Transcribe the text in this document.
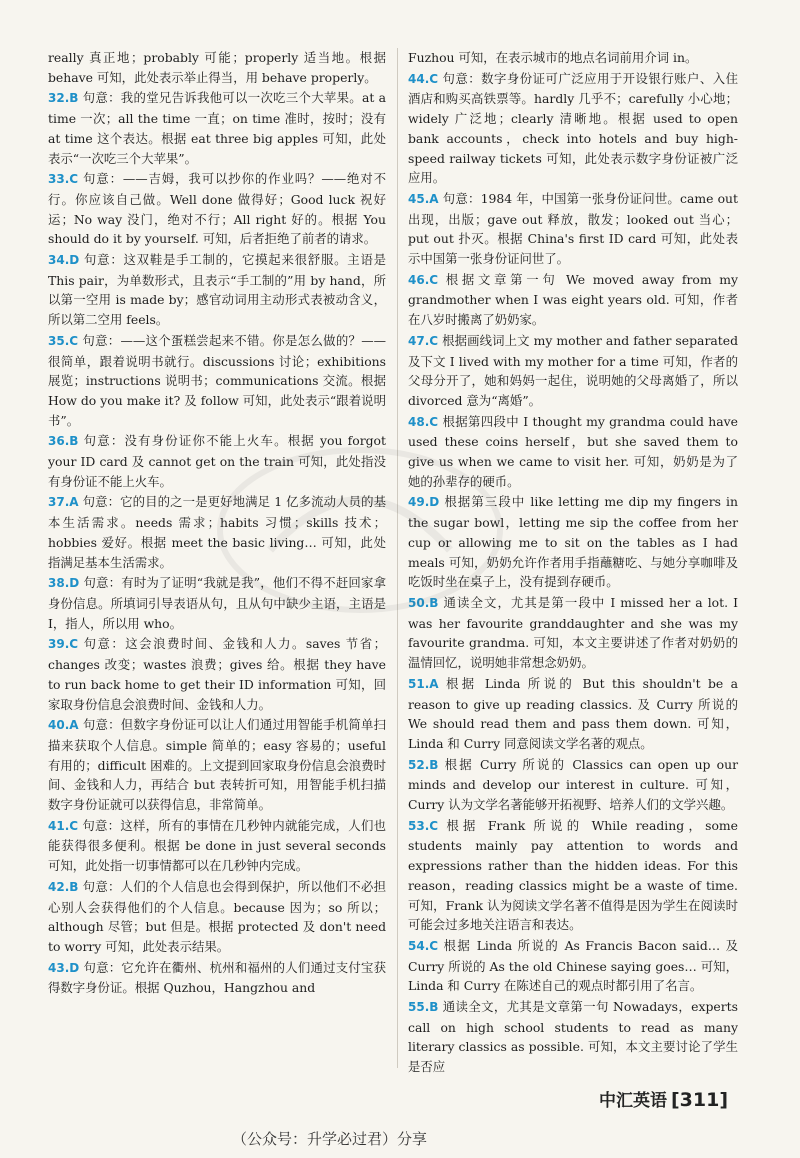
really 真正地；probably 可能；properly 适当地。根据 behave 可知，此处表示举止得当，用 behave properly。
32.B 句意：我的堂兄告诉我他可以一次吃三个大苹果。at a time 一次；all the time 一直；on time 准时，按时；没有 at time 这个表达。根据 eat three big apples 可知，此处表示“一次吃三个大苹果”。
33.C 句意：——吉姆，我可以抄你的作业吗？——绝对不行。你应该自己做。Well done 做得好；Good luck 祝好运；No way 没门，绝对不行；All right 好的。根据 You should do it by yourself. 可知，后者拒绝了前者的请求。
34.D 句意：这双鞋是手工制的，它摸起来很舒服。主语是 This pair，为单数形式，且表示“手工制的”用 by hand，所以第一空用 is made by；感官动词用主动形式表被动含义，所以第二空用 feels。
35.C 句意：——这个蛋糕尝起来不错。你是怎么做的？——很简单，跟着说明书就行。discussions 讨论；exhibitions 展览；instructions 说明书；communications 交流。根据 How do you make it? 及 follow 可知，此处表示“跟着说明书”。
36.B 句意：没有身份证你不能上火车。根据 you forgot your ID card 及 cannot get on the train 可知，此处指没有身份证不能上火车。
37.A 句意：它的目的之一是更好地满足 1 亿多流动人员的基本生活需求。needs 需求；habits 习惯；skills 技术；hobbies 爱好。根据 meet the basic living… 可知，此处指满足基本生活需求。
38.D 句意：有时为了证明“我就是我”，他们不得不赶回家拿身份信息。所填词引导表语从句，且从句中缺少主语，主语是 I，指人，所以用 who。
39.C 句意：这会浪费时间、金钱和人力。saves 节省；changes 改变；wastes 浪费；gives 给。根据 they have to run back home to get their ID information 可知，回家取身份信息会浪费时间、金钱和人力。
40.A 句意：但数字身份证可以让人们通过用智能手机简单扫描来获取个人信息。simple 简单的；easy 容易的；useful 有用的；difficult 困难的。上文提到回家取身份信息会浪费时间、金钱和人力，再结合 but 表转折可知，用智能手机扫描数字身份证就可以获得信息，非常简单。
41.C 句意：这样，所有的事情在几秒钟内就能完成，人们也能获得很多便利。根据 be done in just several seconds 可知，此处指一切事情都可以在几秒钟内完成。
42.B 句意：人们的个人信息也会得到保护，所以他们不必担心别人会获得他们的个人信息。because 因为；so 所以；although 尽管；but 但是。根据 protected 及 don't need to worry 可知，此处表示结果。
43.D 句意：它允许在衢州、杭州和福州的人们通过支付宝获得数字身份证。根据 Quzhou，Hangzhou and
Fuzhou 可知，在表示城市的地点名词前用介词 in。
44.C 句意：数字身份证可广泛应用于开设银行账户、入住酒店和购买高铁票等。hardly 几乎不；carefully 小心地；widely 广泛地；clearly 清晰地。根据 used to open bank accounts，check into hotels and buy high-speed railway tickets 可知，此处表示数字身份证被广泛应用。
45.A 句意：1984 年，中国第一张身份证问世。came out 出现，出版；gave out 释放，散发；looked out 当心；put out 扑灭。根据 China's first ID card 可知，此处表示中国第一张身份证问世了。
46.C 根据文章第一句 We moved away from my grandmother when I was eight years old. 可知，作者在八岁时搬离了奶奶家。
47.C 根据画线词上文 my mother and father separated 及下文 I lived with my mother for a time 可知，作者的父母分开了，她和妈妈一起住，说明她的父母离婚了，所以 divorced 意为“离婚”。
48.C 根据第四段中 I thought my grandma could have used these coins herself，but she saved them to give us when we came to visit her. 可知，奶奶是为了她的孙辈存的硬币。
49.D 根据第三段中 like letting me dip my fingers in the sugar bowl，letting me sip the coffee from her cup or allowing me to sit on the tables as I had meals 可知，奶奶允许作者用手指蘸糖吃、与她分享咖啡及吃饭时坐在桌子上，没有提到存硬币。
50.B 通读全文，尤其是第一段中 I missed her a lot. I was her favourite granddaughter and she was my favourite grandma. 可知，本文主要讲述了作者对奶奶的温情回忆，说明她非常想念奶奶。
51.A 根据 Linda 所说的 But this shouldn't be a reason to give up reading classics. 及 Curry 所说的 We should read them and pass them down. 可知，Linda 和 Curry 同意阅读文学名著的观点。
52.B 根据 Curry 所说的 Classics can open up our minds and develop our interest in culture. 可知，Curry 认为文学名著能够开拓视野、培养人们的文学兴趣。
53.C 根据 Frank 所说的 While reading，some students mainly pay attention to words and expressions rather than the hidden ideas. For this reason，reading classics might be a waste of time. 可知，Frank 认为阅读文学名著不值得是因为学生在阅读时可能会过多地关注语言和表达。
54.C 根据 Linda 所说的 As Francis Bacon said… 及 Curry 所说的 As the old Chinese saying goes… 可知，Linda 和 Curry 在陈述自己的观点时都引用了名言。
55.B 通读全文，尤其是文章第一句 Nowadays，experts call on high school students to read as many literary classics as possible. 可知，本文主要讨论了学生是否应
中汇英语 [311]
（公众号：升学必过君）分享
